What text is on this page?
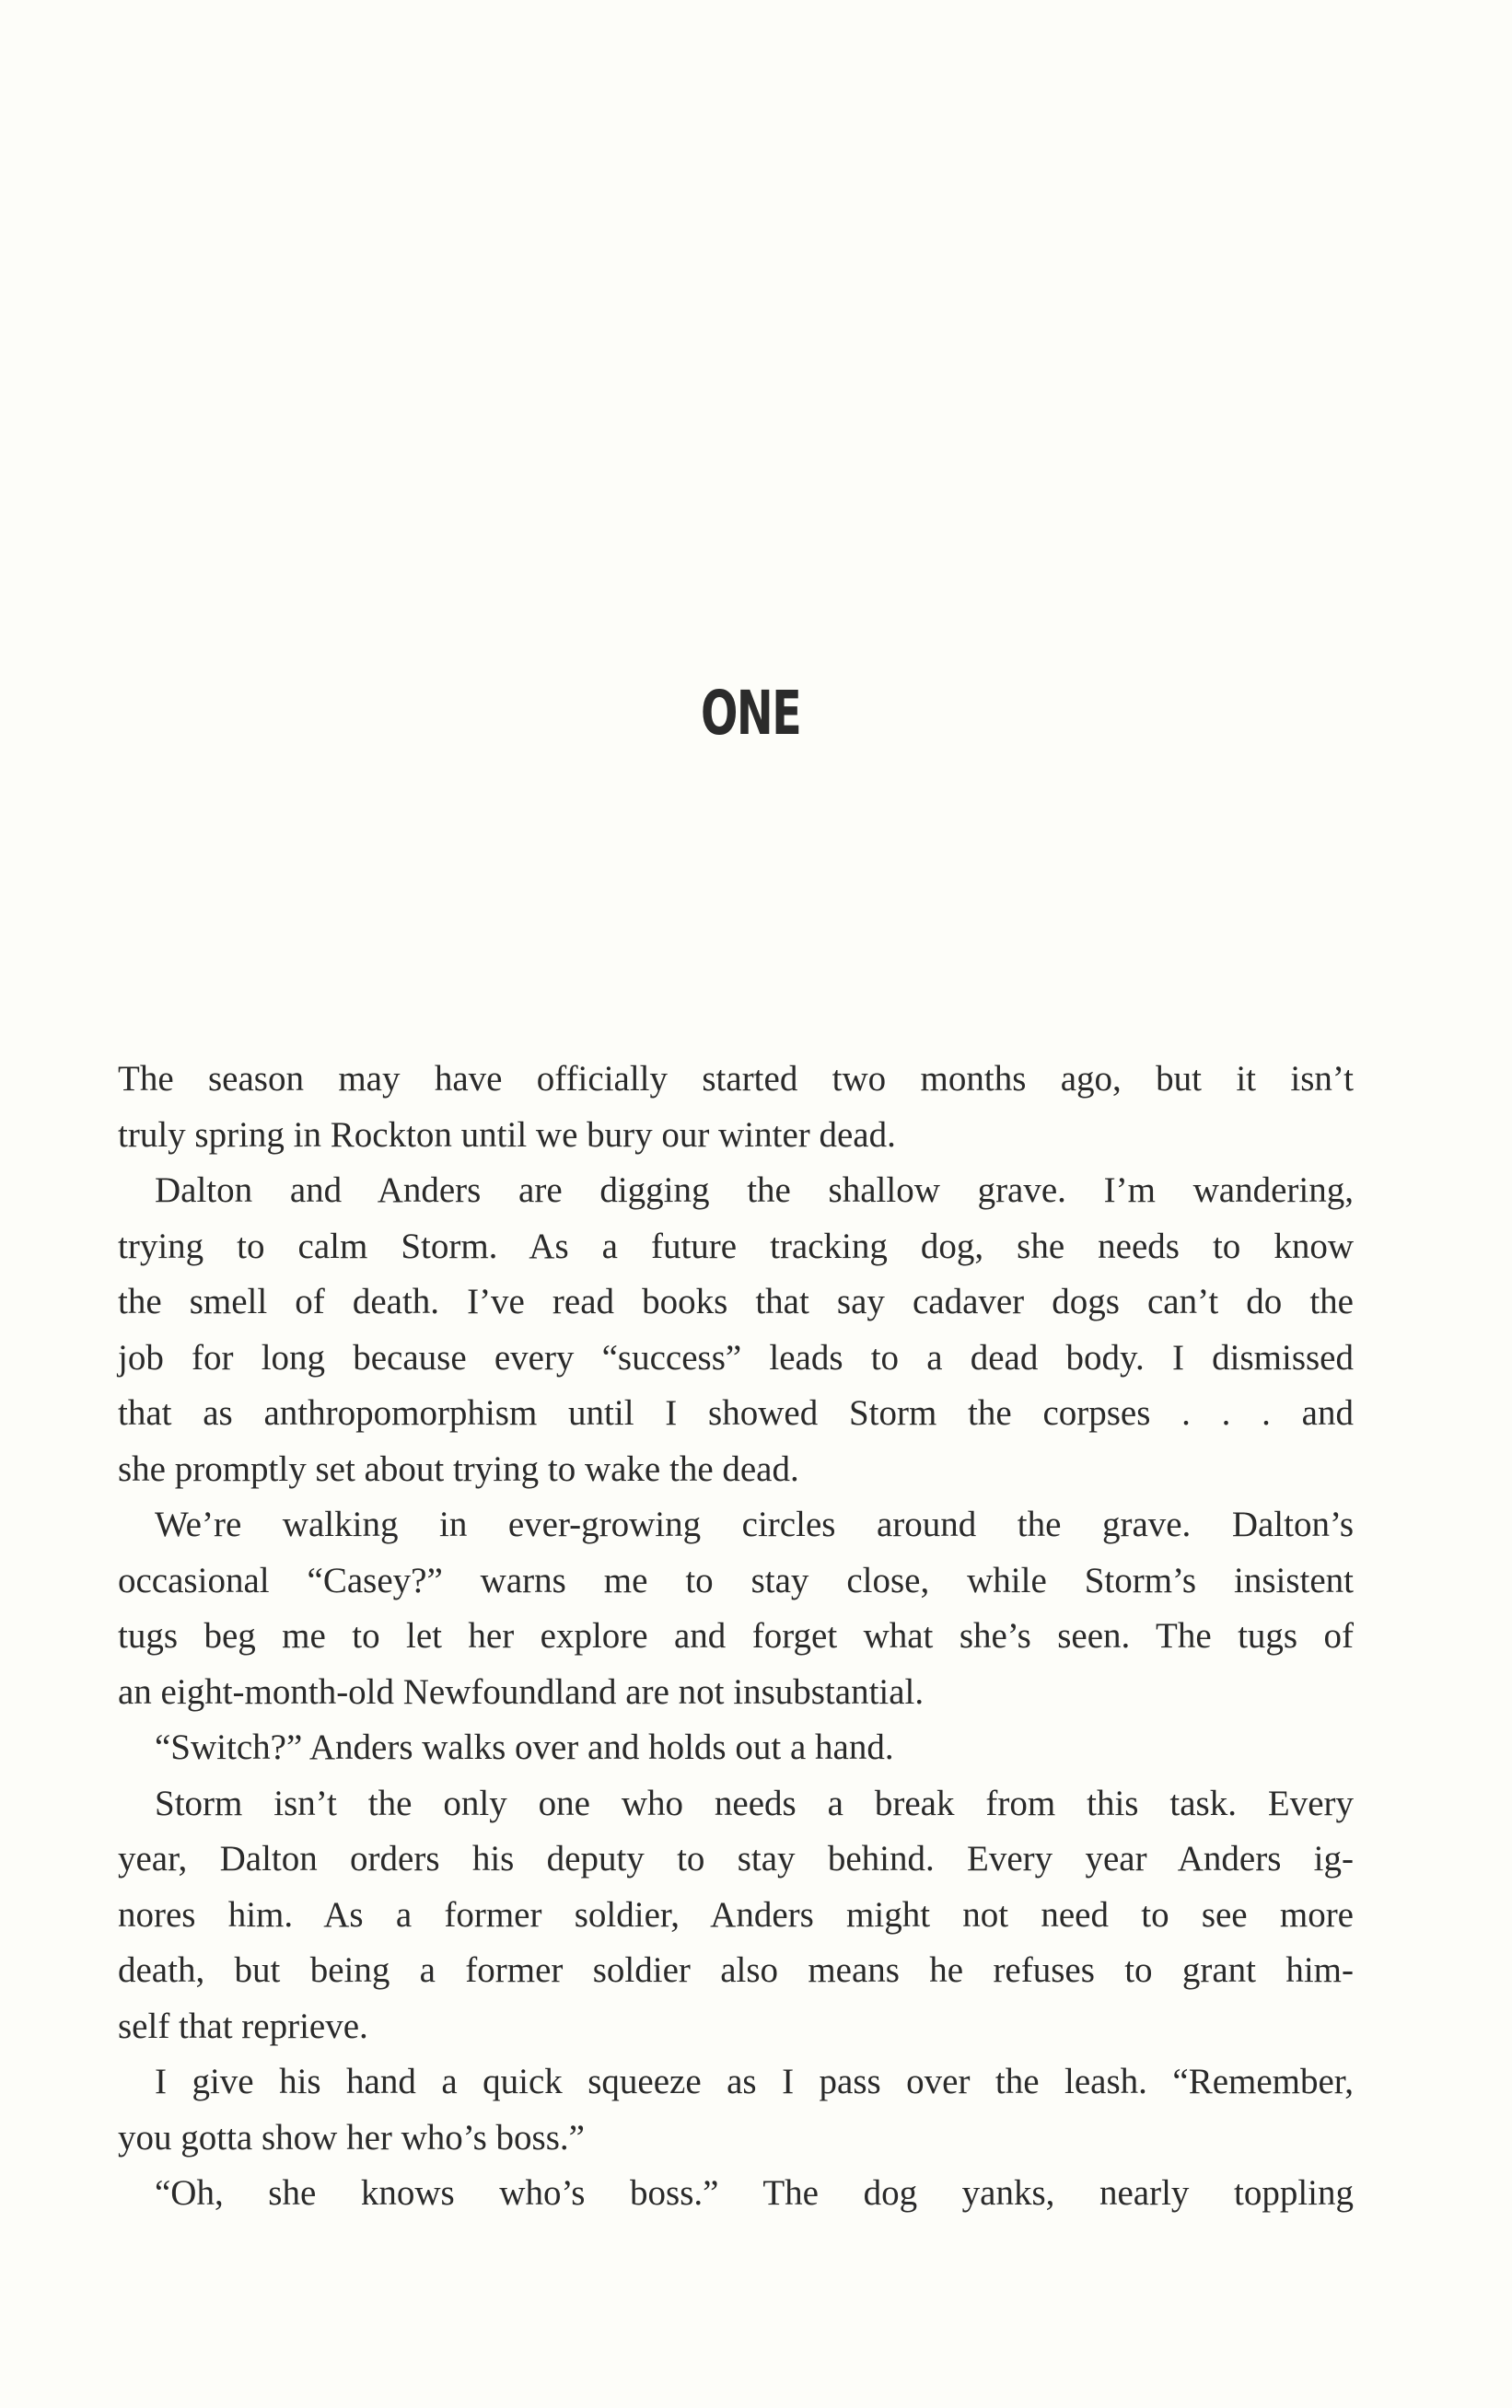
ONE
The season may have officially started two months ago, but it isn’t
truly spring in Rockton until we bury our winter dead.
Dalton and Anders are digging the shallow grave. I’m wandering,
trying to calm Storm. As a future tracking dog, she needs to know
the smell of death. I’ve read books that say cadaver dogs can’t do the
job for long because every “success” leads to a dead body. I dismissed
that as anthropomorphism until I showed Storm the corpses . . . and
she promptly set about trying to wake the dead.
We’re walking in ever-growing circles around the grave. Dalton’s
occasional “Casey?” warns me to stay close, while Storm’s insistent
tugs beg me to let her explore and forget what she’s seen. The tugs of
an eight-month-old Newfoundland are not insubstantial.
“Switch?” Anders walks over and holds out a hand.
Storm isn’t the only one who needs a break from this task. Every
year, Dalton orders his deputy to stay behind. Every year Anders ig-
nores him. As a former soldier, Anders might not need to see more
death, but being a former soldier also means he refuses to grant him-
self that reprieve.
I give his hand a quick squeeze as I pass over the leash. “Remember,
you gotta show her who’s boss.”
“Oh, she knows who’s boss.” The dog yanks, nearly toppling
